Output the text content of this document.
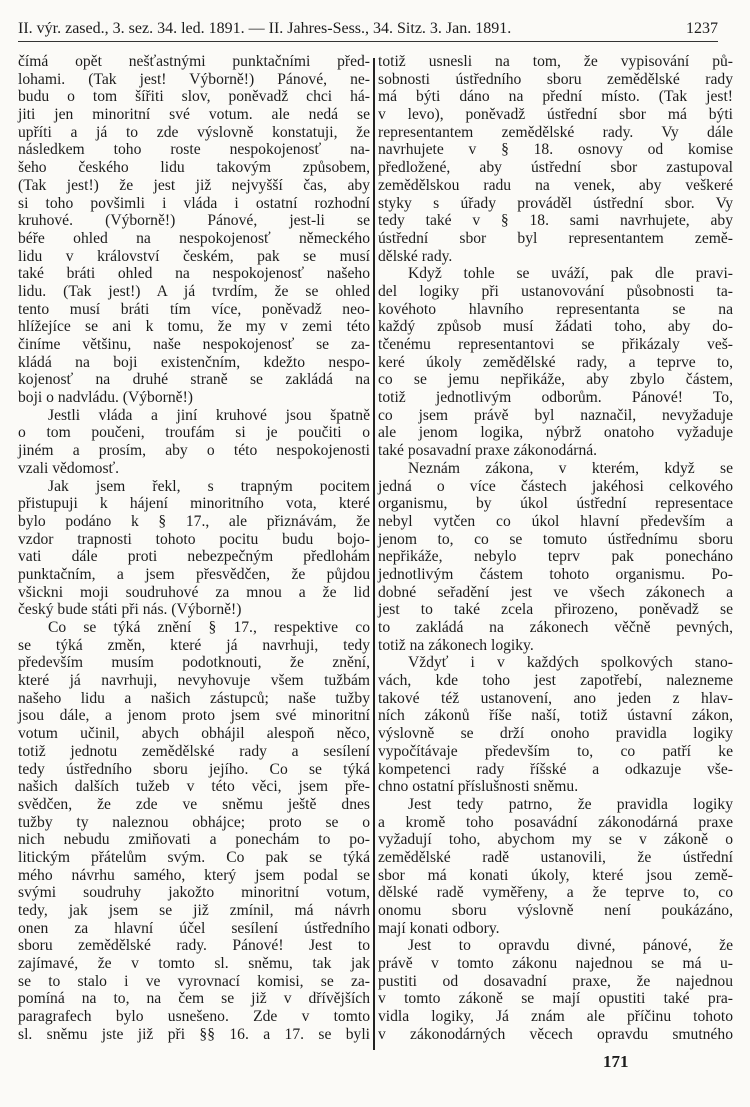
II. výr. zased., 3. sez. 34. led. 1891. — II. Jahres-Sess., 34. Sitz. 3. Jan. 1891.	1237
čímá opět nešťastnými punktačními před-
lohami. (Tak jest! Výborně!) Pánové, ne-
budu o tom šířiti slov, poněvadž chci há-
jiti jen minoritní své votum. ale nedá se
upříti a já to zde výslovně konstatuji, že
následkem toho roste nespokojenosť na-
šeho českého lidu takovým způsobem,
(Tak jest!) že jest již nejvyšší čas, aby
si toho povšimli i vláda i ostatní rozhodní
kruhové. (Výborně!) Pánové, jest-li se
béře ohled na nespokojenosť německého
lidu v království českém, pak se musí
také bráti ohled na nespokojenosť našeho
lidu. (Tak jest!) A já tvrdím, že se ohled
tento musí bráti tím více, poněvadž neo-
hlížejíce se ani k tomu, že my v zemi této
činíme většinu, naše nespokojenosť se za-
kládá na boji existenčním, kdežto nespo-
kojenosť na druhé straně se zakládá na
boji o nadvládu. (Výborně!)
Jestli vláda a jiní kruhové jsou špatně
o tom poučeni, troufám si je poučiti o
jiném a prosím, aby o této nespokojenosti
vzali vědomosť.
Jak jsem řekl, s trapným pocitem
přistupuji k hájení minoritního vota, které
bylo podáno k § 17., ale přiznávám, že
vzdor trapnosti tohoto pocitu budu bojo-
vati dále proti nebezpečným předlohám
punktačním, a jsem přesvědčen, že půjdou
všickni moji soudruhové za mnou a že lid
český bude státi při nás. (Výborně!)
Co se týká znění § 17., respektive co
se týká změn, které já navrhuji, tedy
především musím podotknouti, že znění,
které já navrhuji, nevyhovuje všem tužbám
našeho lidu a našich zástupců; naše tužby
jsou dále, a jenom proto jsem své minoritní
votum učinil, abych obhájil alespoň něco,
totiž jednotu zemědělské rady a sesílení
tedy ústředního sboru jejího. Co se týká
našich dalších tužeb v této věci, jsem pře-
svědčen, že zde ve sněmu ještě dnes
tužby ty naleznou obhájce; proto se o
nich nebudu zmiňovati a ponechám to po-
litickým přátelům svým. Co pak se týká
mého návrhu samého, který jsem podal se
svými soudruhy jakožto minoritní votum,
tedy, jak jsem se již zmínil, má návrh
onen za hlavní účel sesílení ústředního
sboru zemědělské rady. Pánové! Jest to
zajímavé, že v tomto sl. sněmu, tak jak
se to stalo i ve vyrovnací komisi, se za-
pomíná na to, na čem se již v dřívějších
paragrafech bylo usnešeno. Zde v tomto
sl. sněmu jste již při §§ 16. a 17. se byli
totiž usnesli na tom, že vypisování pů-
sobnosti ústředního sboru zemědělské rady
má býti dáno na přední místo. (Tak jest!
v levo), poněvadž ústřední sbor má býti
representantem zemědělské rady. Vy dále
navrhujete v § 18. osnovy od komise
předložené, aby ústřední sbor zastupoval
zemědělskou radu na venek, aby veškeré
styky s úřady prováděl ústřední sbor. Vy
tedy také v § 18. sami navrhujete, aby
ústřední sbor byl representantem země-
dělské rady.
Když tohle se uváží, pak dle pravi-
del logiky při ustanovování působnosti ta-
kovéhoto hlavního representanta se na
každý způsob musí žádati toho, aby do-
tčenému representantovi se přikázaly veš-
keré úkoly zemědělské rady, a teprve to,
co se jemu nepřikáže, aby zbylo částem,
totiž jednotlivým odborům. Pánové! To,
co jsem právě byl naznačil, nevyžaduje
ale jenom logika, nýbrž onatoho vyžaduje
také posavadní praxe zákonodárná.
Neznám zákona, v kterém, když se
jedná o více částech jakéhosi celkového
organismu, by úkol ústřední representace
nebyl vytčen co úkol hlavní především a
jenom to, co se tomuto ústřednímu sboru
nepřikáže, nebylo teprv pak ponecháno
jednotlivým částem tohoto organismu. Po-
dobné seřadění jest ve všech zákonech a
jest to také zcela přirozeno, poněvadž se
to zakládá na zákonech věčně pevných,
totiž na zákonech logiky.
Vždyť i v každých spolkových stano-
vách, kde toho jest zapotřebí, nalezneme
takové též ustanovení, ano jeden z hlav-
ních zákonů říše naší, totiž ústavní zákon,
výslovně se drží onoho pravidla logiky
vypočítávaje především to, co patří ke
kompetenci rady říšské a odkazuje vše-
chno ostatní příslušnosti sněmu.
Jest tedy patrno, že pravidla logiky
a kromě toho posavádní zákonodárná praxe
vyžadují toho, abychom my se v zákoně o
zemědělské radě ustanovili, že ústřední
sbor má konati úkoly, které jsou země-
dělské radě vyměřeny, a že teprve to, co
onomu sboru výslovně není poukázáno,
mají konati odbory.
Jest to opravdu divné, pánové, že
právě v tomto zákonu najednou se má u-
pustiti od dosavadní praxe, že najednou
v tomto zákoně se mají opustiti také pra-
vidla logiky, Já znám ale příčinu tohoto
v zákonodárných věcech opravdu smutného
171
